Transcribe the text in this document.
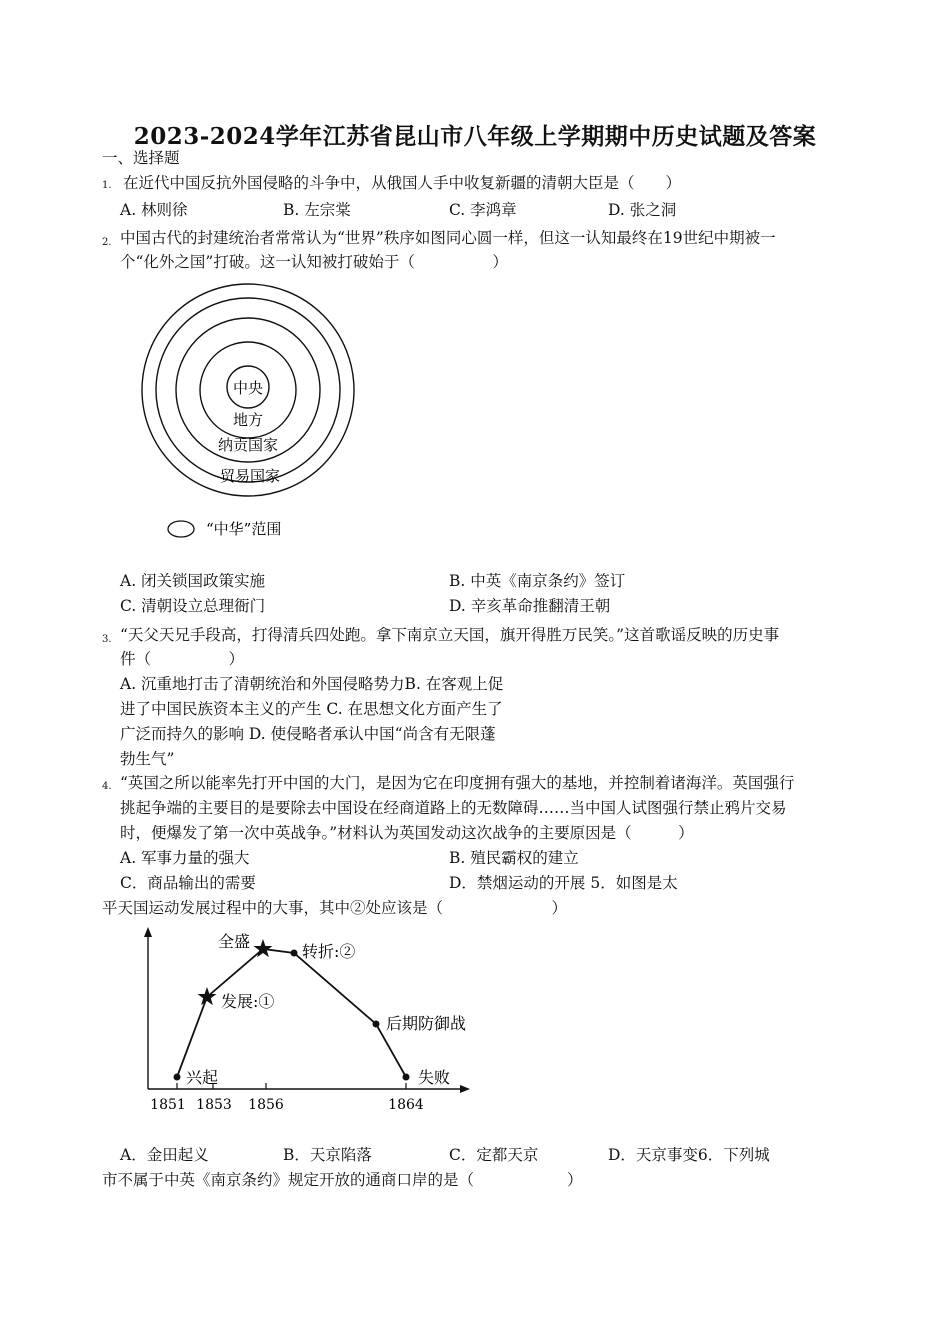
2023-2024学年江苏省昆山市八年级上学期期中历史试题及答案
一、选择题
1. 在近代中国反抗外国侵略的斗争中，从俄国人手中收复新疆的清朝大臣是（　　）
A. 林则徐	B. 左宗棠	C. 李鸿章	D. 张之洞
2. 中国古代的封建统治者常常认为“世界”秩序如图同心圆一样，但这一认知最终在19世纪中期被一
个“化外之国”打破。这一认知被打破始于（　　　　　）
中央
地方
纳贡国家
贸易国家
“中华”范围
A. 闭关锁国政策实施	B. 中英《南京条约》签订
C. 清朝设立总理衙门	D. 辛亥革命推翻清王朝
3. “天父天兄手段高，打得清兵四处跑。拿下南京立天国，旗开得胜万民笑。”这首歌谣反映的历史事
件（　　　　　）
A. 沉重地打击了清朝统治和外国侵略势力B. 在客观上促
进了中国民族资本主义的产生 C. 在思想文化方面产生了
广泛而持久的影响 D. 使侵略者承认中国“尚含有无限蓬
勃生气”
4. “英国之所以能率先打开中国的大门，是因为它在印度拥有强大的基地，并控制着诸海洋。英国强行
挑起争端的主要目的是要除去中国设在经商道路上的无数障碍……当中国人试图强行禁止鸦片交易
时，便爆发了第一次中英战争。”材料认为英国发动这次战争的主要原因是（　　　）
A. 军事力量的强大	B. 殖民霸权的建立
C．商品输出的需要	D．禁烟运动的开展 5．如图是太
平天国运动发展过程中的大事，其中②处应该是（　　　　　　　）
兴起
发展:①
全盛
转折:②
后期防御战
失败
1851 1853 1856	1864
A．金田起义	B．天京陷落	C．定都天京	D．天京事变6．下列城
市不属于中英《南京条约》规定开放的通商口岸的是（　　　　　　）
